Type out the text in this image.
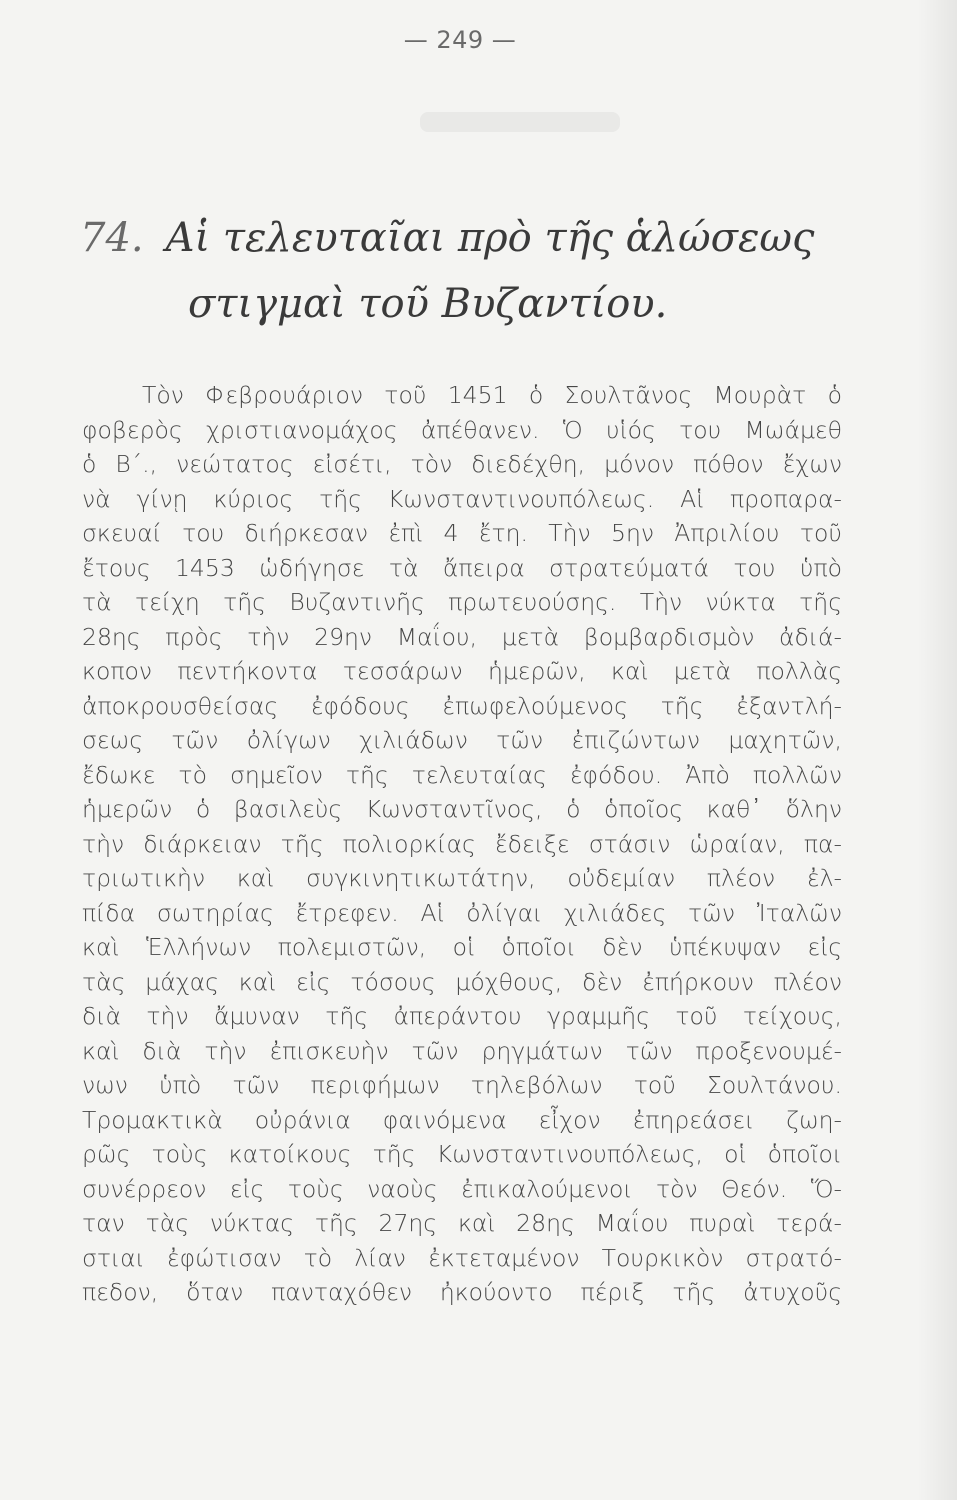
— 249 —
74. Αἱ τελευταῖαι πρὸ τῆς ἁλώσεως
στιγμαὶ τοῦ Βυζαντίου.
Τὸν Φεβρουάριον τοῦ 1451 ὁ Σουλτᾶνος Μουρὰτ ὁ
φοβερὸς χριστιανομάχος ἀπέθανεν. Ὁ υἱός του Μωάμεθ
ὁ Β΄., νεώτατος εἰσέτι, τὸν διεδέχθη, μόνον πόθον ἔχων
νὰ γίνῃ κύριος τῆς Κωνσταντινουπόλεως. Αἱ προπαρα-
σκευαί του διήρκεσαν ἐπὶ 4 ἔτη. Τὴν 5ην Ἀπριλίου τοῦ
ἔτους 1453 ὡδήγησε τὰ ἄπειρα στρατεύματά του ὑπὸ
τὰ τείχη τῆς Βυζαντινῆς πρωτευούσης. Τὴν νύκτα τῆς
28ης πρὸς τὴν 29ην Μαΐου, μετὰ βομβαρδισμὸν ἀδιά-
κοπον πεντήκοντα τεσσάρων ἡμερῶν, καὶ μετὰ πολλὰς
ἀποκρουσθείσας ἐφόδους ἐπωφελούμενος τῆς ἐξαντλή-
σεως τῶν ὀλίγων χιλιάδων τῶν ἐπιζώντων μαχητῶν,
ἔδωκε τὸ σημεῖον τῆς τελευταίας ἐφόδου. Ἀπὸ πολλῶν
ἡμερῶν ὁ βασιλεὺς Κωνσταντῖνος, ὁ ὁποῖος καθ᾿ ὅλην
τὴν διάρκειαν τῆς πολιορκίας ἔδειξε στάσιν ὡραίαν, πα-
τριωτικὴν καὶ συγκινητικωτάτην, οὐδεμίαν πλέον ἐλ-
πίδα σωτηρίας ἔτρεφεν. Αἱ ὀλίγαι χιλιάδες τῶν Ἰταλῶν
καὶ Ἑλλήνων πολεμιστῶν, οἱ ὁποῖοι δὲν ὑπέκυψαν εἰς
τὰς μάχας καὶ εἰς τόσους μόχθους, δὲν ἐπήρκουν πλέον
διὰ τὴν ἄμυναν τῆς ἀπεράντου γραμμῆς τοῦ τείχους,
καὶ διὰ τὴν ἐπισκευὴν τῶν ρηγμάτων τῶν προξενουμέ-
νων ὑπὸ τῶν περιφήμων τηλεβόλων τοῦ Σουλτάνου.
Τρομακτικὰ οὐράνια φαινόμενα εἶχον ἐπηρεάσει ζωη-
ρῶς τοὺς κατοίκους τῆς Κωνσταντινουπόλεως, οἱ ὁποῖοι
συνέρρεον εἰς τοὺς ναοὺς ἐπικαλούμενοι τὸν Θεόν. Ὅ-
ταν τὰς νύκτας τῆς 27ης καὶ 28ης Μαΐου πυραὶ τερά-
στιαι ἐφώτισαν τὸ λίαν ἐκτεταμένον Τουρκικὸν στρατό-
πεδον, ὅταν πανταχόθεν ἠκούοντο πέριξ τῆς ἀτυχοῦς
